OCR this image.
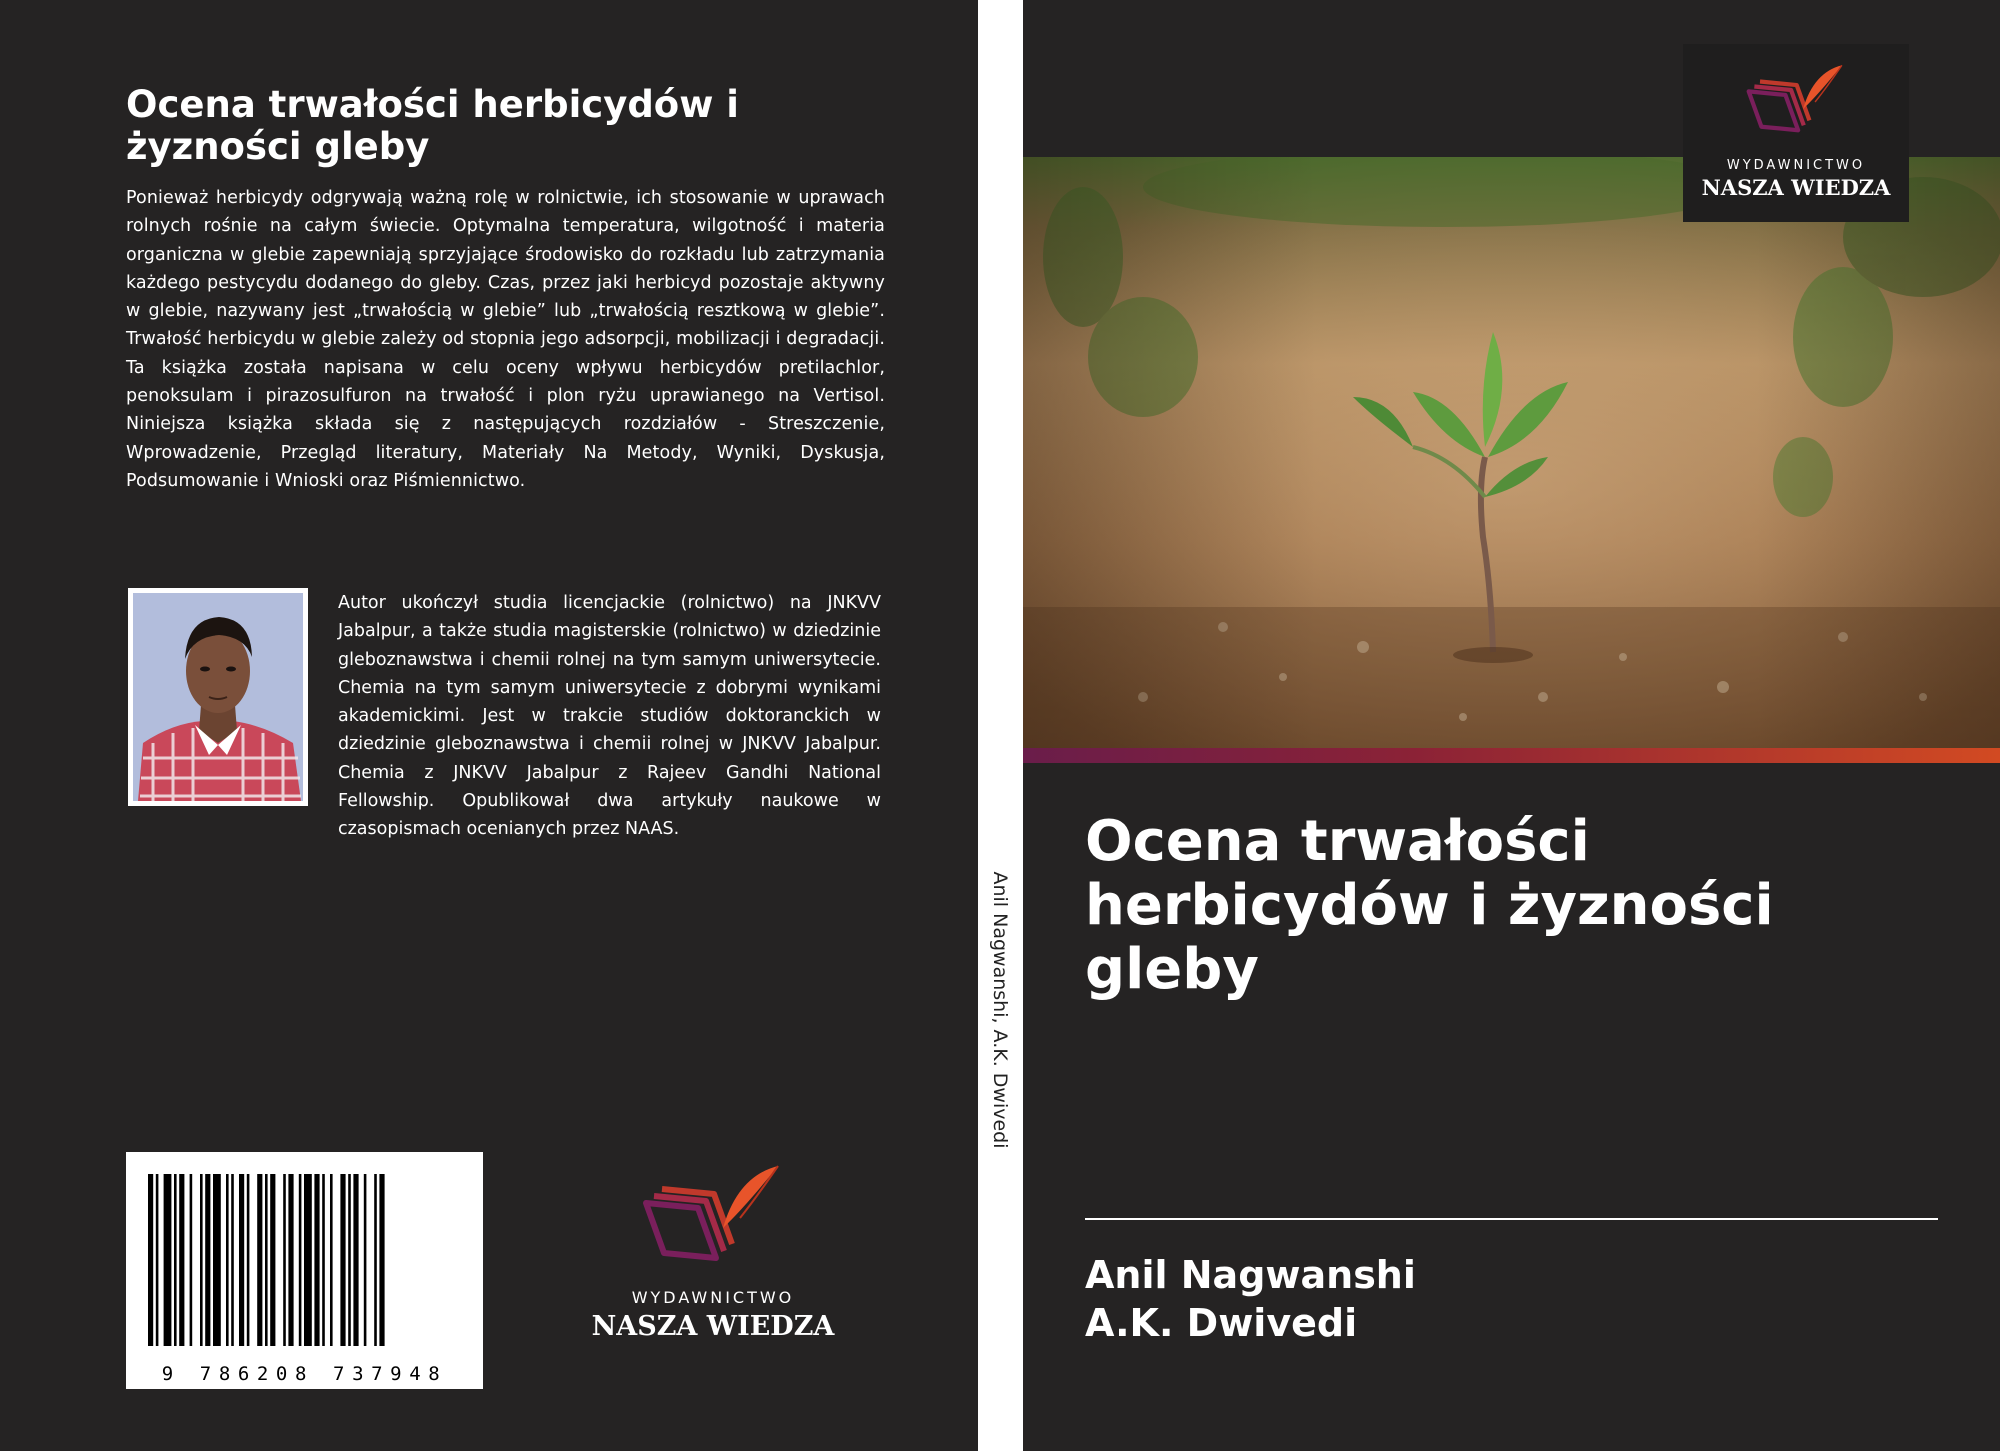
Ocena trwałości herbicydów i żyzności gleby
Ponieważ herbicydy odgrywają ważną rolę w rolnictwie, ich stosowanie w uprawach rolnych rośnie na całym świecie. Optymalna temperatura, wilgotność i materia organiczna w glebie zapewniają sprzyjające środowisko do rozkładu lub zatrzymania każdego pestycydu dodanego do gleby. Czas, przez jaki herbicyd pozostaje aktywny w glebie, nazywany jest „trwałością w glebie” lub „trwałością resztkową w glebie”. Trwałość herbicydu w glebie zależy od stopnia jego adsorpcji, mobilizacji i degradacji. Ta książka została napisana w celu oceny wpływu herbicydów pretilachlor, penoksulam i pirazosulfuron na trwałość i plon ryżu uprawianego na Vertisol. Niniejsza książka składa się z następujących rozdziałów - Streszczenie, Wprowadzenie, Przegląd literatury, Materiały Na Metody, Wyniki, Dyskusja, Podsumowanie i Wnioski oraz Piśmiennictwo.
Autor ukończył studia licencjackie (rolnictwo) na JNKVV Jabalpur, a także studia magisterskie (rolnictwo) w dziedzinie gleboznawstwa i chemii rolnej na tym samym uniwersytecie. Chemia na tym samym uniwersytecie z dobrymi wynikami akademickimi. Jest w trakcie studiów doktoranckich w dziedzinie gleboznawstwa i chemii rolnej w JNKVV Jabalpur. Chemia z JNKVV Jabalpur z Rajeev Gandhi National Fellowship. Opublikował dwa artykuły naukowe w czasopismach ocenianych przez NAAS.
9 786208 737948
WYDAWNICTWO
NASZA WIEDZA
Anil Nagwanshi, A.K. Dwivedi
WYDAWNICTWO
NASZA WIEDZA
Ocena trwałości herbicydów i żyzności gleby
Anil Nagwanshi
A.K. Dwivedi
